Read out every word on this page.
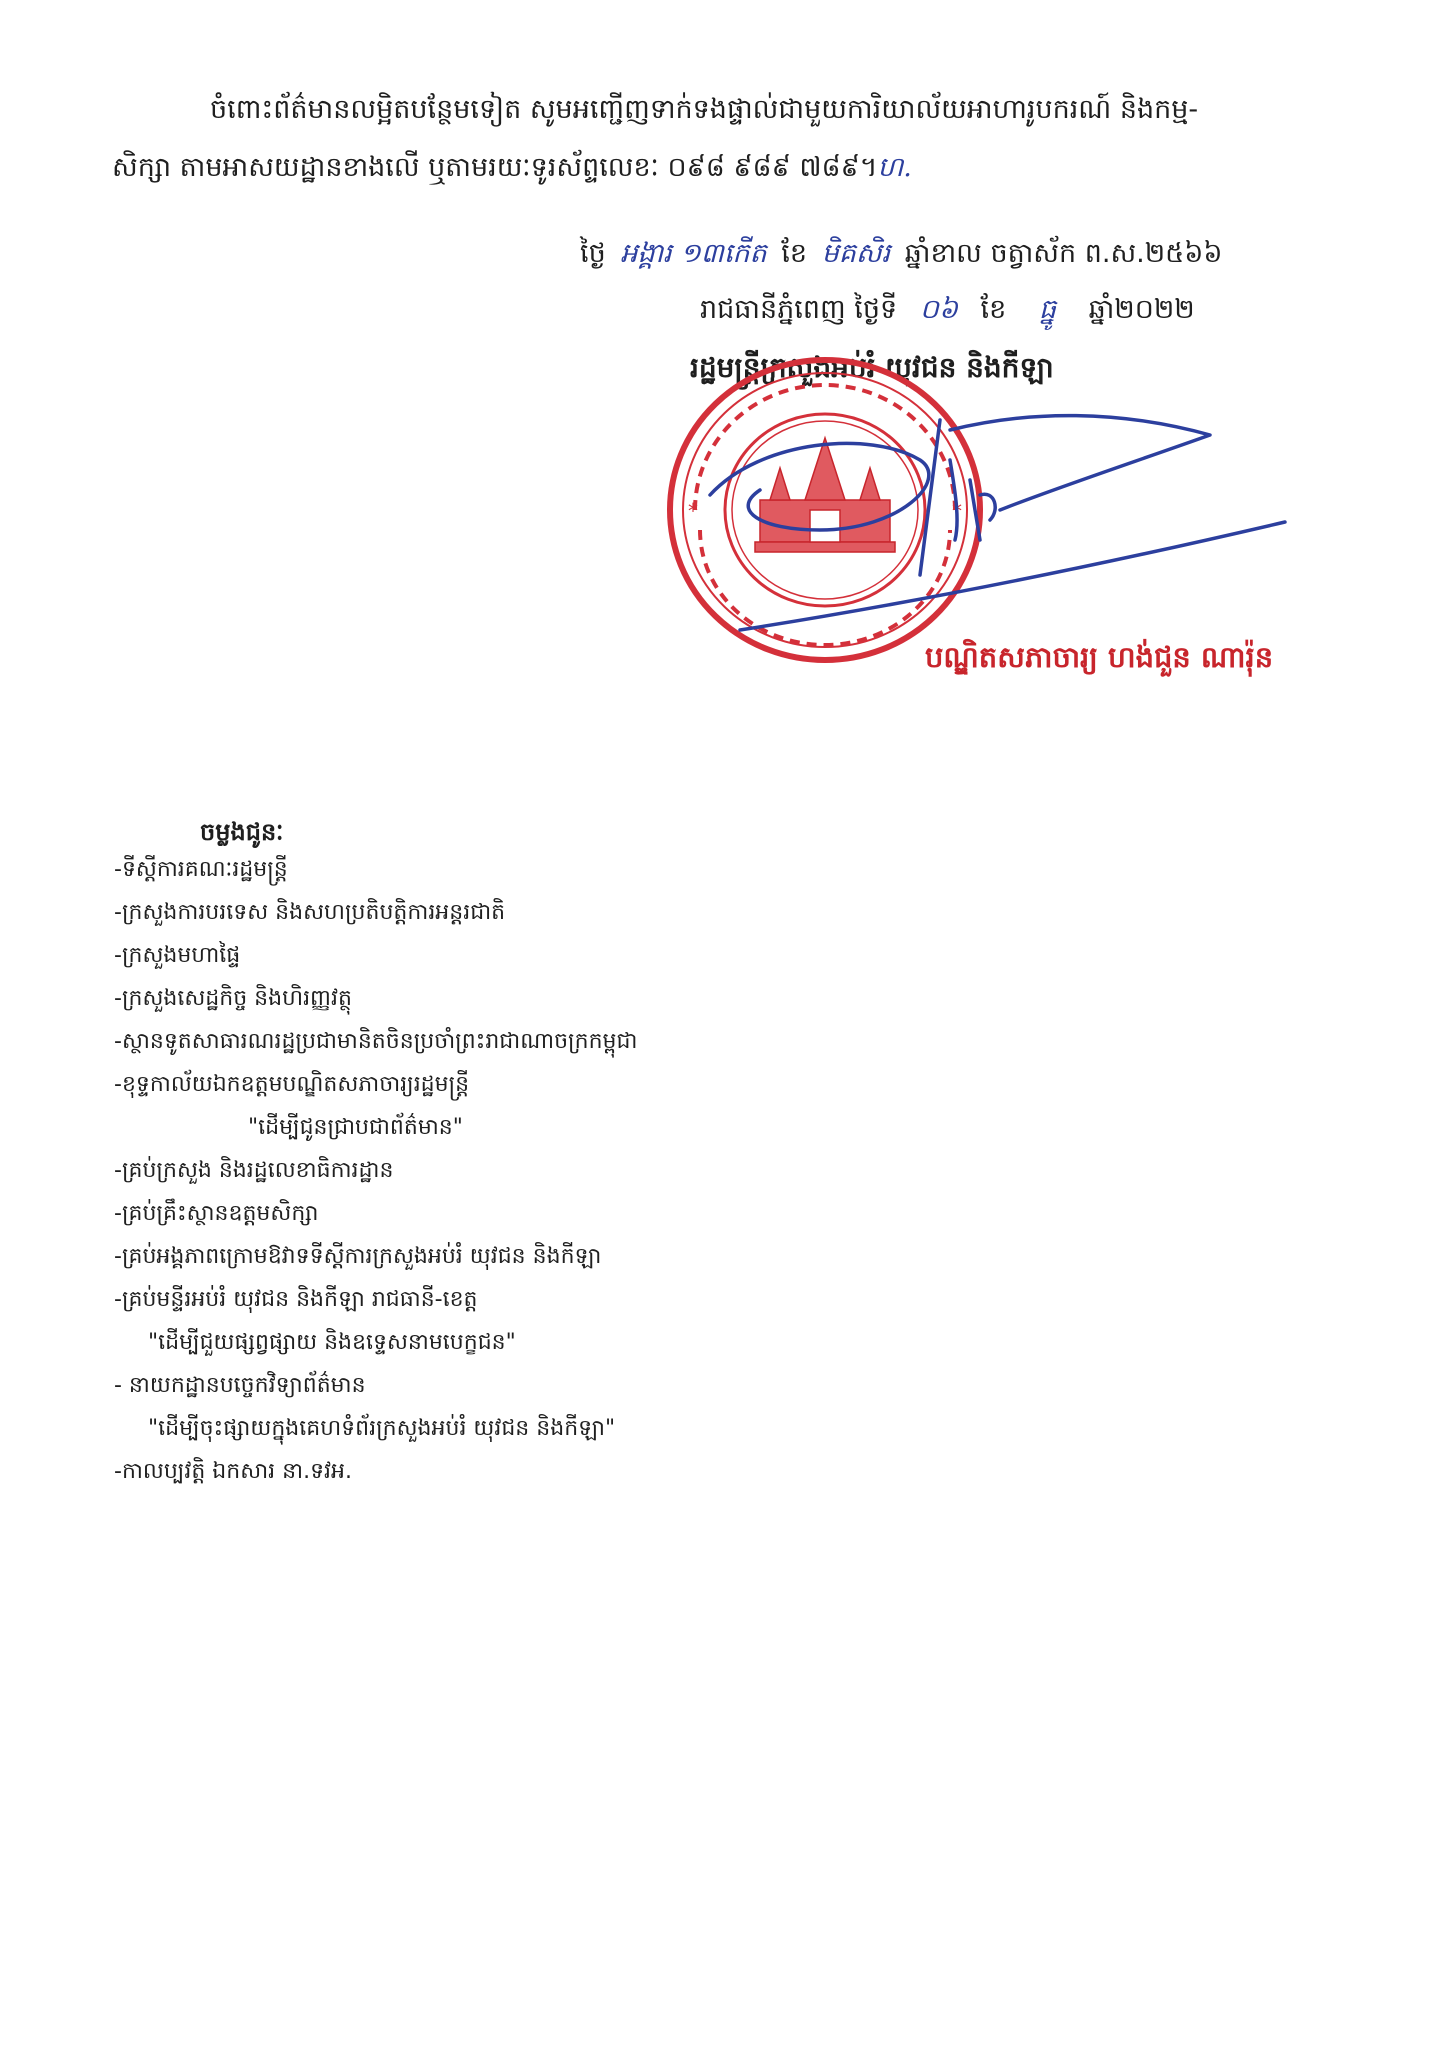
ចំពោះព័ត៌មានលម្អិតបន្ថែមទៀត សូមអញ្ជើញទាក់ទងផ្ទាល់ជាមួយការិយាល័យអាហារូបករណ៍ និងកម្ម-
សិក្សា តាមអាសយដ្ឋានខាងលើ ឬតាមរយៈទូរស័ព្ទលេខៈ ០៩៨ ៩៨៩ ៧៨៩។ហ.
ថ្ងៃ អង្គារ ១៣កើត ខែ មិគសិរ ឆ្នាំខាល ចត្វាស័ក ព.ស.២៥៦៦
រាជធានីភ្នំពេញ ថ្ងៃទី ០៦ ខែ ធ្នូ ឆ្នាំ២០២២
រដ្ឋមន្ត្រីក្រសួងអប់រំ យុវជន និងកីឡា
*	*
បណ្ឌិតសភាចារ្យ ហង់ជួន ណារ៉ុន
ចម្លងជូនៈ
-ទីស្តីការគណៈរដ្ឋមន្ត្រី
-ក្រសួងការបរទេស និងសហប្រតិបត្តិការអន្តរជាតិ
-ក្រសួងមហាផ្ទៃ
-ក្រសួងសេដ្ឋកិច្ច និងហិរញ្ញវត្ថុ
-ស្ថានទូតសាធារណរដ្ឋប្រជាមានិតចិនប្រចាំព្រះរាជាណាចក្រកម្ពុជា
-ខុទ្ទកាល័យឯកឧត្តមបណ្ឌិតសភាចារ្យរដ្ឋមន្ត្រី
"ដើម្បីជូនជ្រាបជាព័ត៌មាន"
-គ្រប់ក្រសួង និងរដ្ឋលេខាធិការដ្ឋាន
-គ្រប់គ្រឹះស្ថានឧត្តមសិក្សា
-គ្រប់អង្គភាពក្រោមឱវាទទីស្តីការក្រសួងអប់រំ យុវជន និងកីឡា
-គ្រប់មន្ទីរអប់រំ យុវជន និងកីឡា រាជធានី-ខេត្ត
"ដើម្បីជួយផ្សព្វផ្សាយ និងឧទ្ទេសនាមបេក្ខជន"
- នាយកដ្ឋានបច្ចេកវិទ្យាព័ត៌មាន
"ដើម្បីចុះផ្សាយក្នុងគេហទំព័រក្រសួងអប់រំ យុវជន និងកីឡា"
-កាលប្បវត្តិ ឯកសារ នា.ទវអ.
